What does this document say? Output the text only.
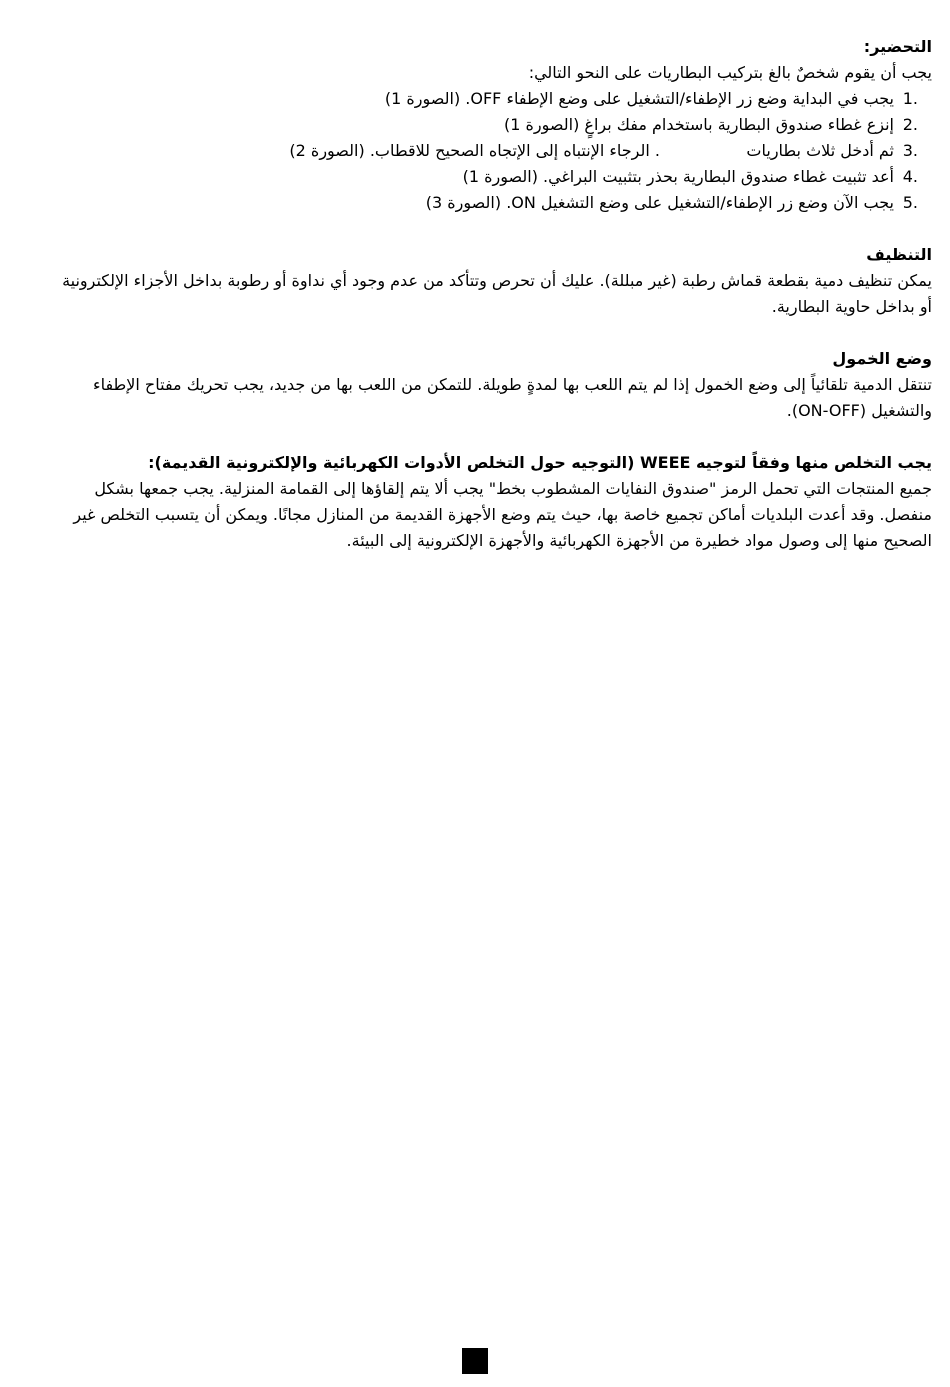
التحضير:

يجب أن يقوم شخصٌ بالغ بتركيب البطاريات على النحو التالي:

1.
يجب في البداية وضع زر الإطفاء/التشغيل على وضع الإطفاء OFF. (الصورة 1)
2.
إنزع غطاء صندوق البطارية باستخدام مفك براغٍ (الصورة 1)
3.
ثم أدخل ثلاث بطاريات                 . الرجاء الإنتباه إلى الإتجاه الصحيح للاقطاب. (الصورة 2)
4.
أعد تثبيت غطاء صندوق البطارية بحذر بتثبيت البراغي. (الصورة 1)
5.
يجب الآن وضع زر الإطفاء/التشغيل على وضع التشغيل ON. (الصورة 3)

التنظيف

يمكن تنظيف دمية بقطعة قماش رطبة (غير مبللة). عليك أن تحرص وتتأكد من عدم وجود أي نداوة أو رطوبة بداخل الأجزاء الإلكترونية أو بداخل حاوية البطارية.

وضع الخمول

تنتقل الدمية تلقائياً إلى وضع الخمول إذا لم يتم اللعب بها لمدةٍ طويلة. للتمكن من اللعب بها من جديد، يجب تحريك مفتاح الإطفاء والتشغيل (ON-OFF).

يجب التخلص منها وفقاً لتوجيه WEEE (التوجيه حول التخلص الأدوات الكهربائية والإلكترونية القديمة):

جميع المنتجات التي تحمل الرمز "صندوق النفايات المشطوب بخط" يجب ألا يتم إلقاؤها إلى القمامة المنزلية. يجب جمعها بشكل منفصل. وقد أعدت البلديات أماكن تجميع خاصة بها، حيث يتم وضع الأجهزة القديمة من المنازل مجانًا. ويمكن أن يتسبب التخلص غير الصحيح منها إلى وصول مواد خطيرة من الأجهزة الكهربائية والأجهزة الإلكترونية إلى البيئة.
